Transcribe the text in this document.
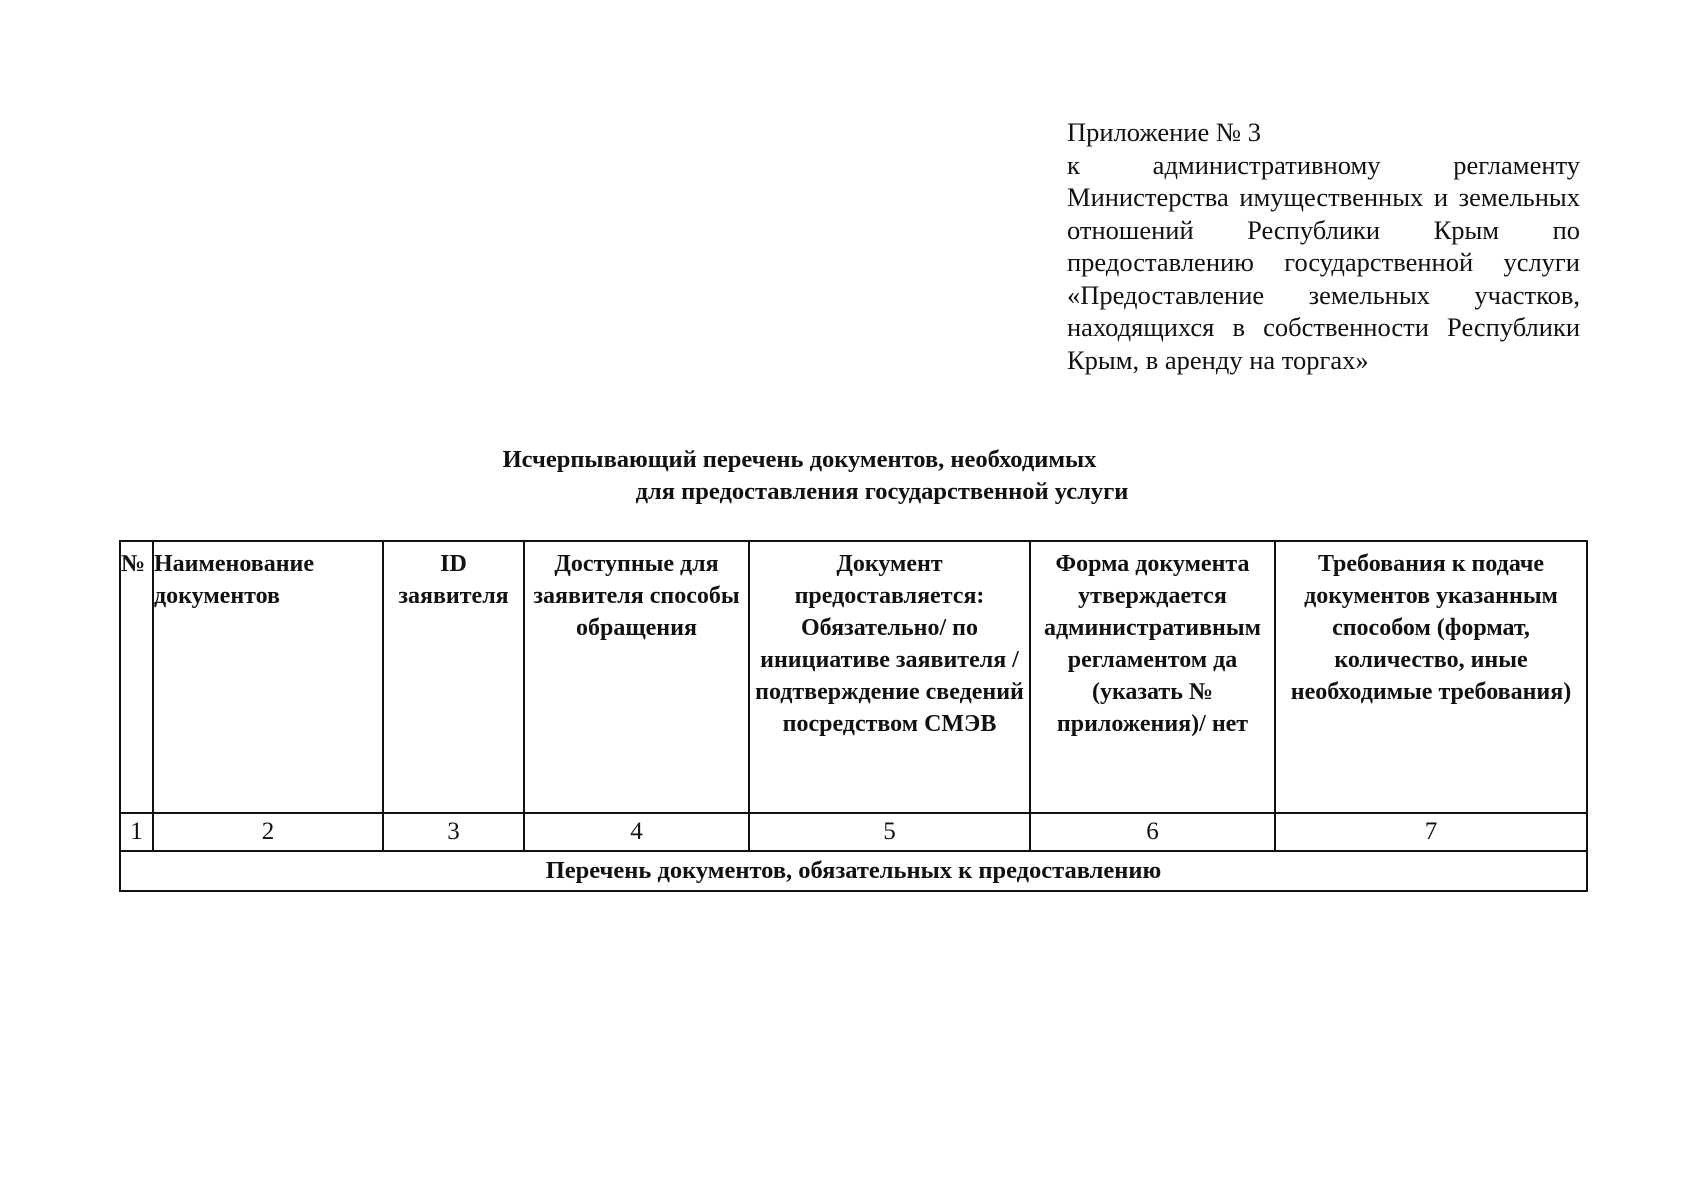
Приложение № 3
к административному регламенту Министерства имущественных и земельных отношений Республики Крым по предоставлению государственной услуги «Предоставление земельных участков, находящихся в собственности Республики Крым, в аренду на торгах»
Исчерпывающий перечень документов, необходимых
для предоставления государственной услуги
№	Наименование документов	ID заявителя	Доступные для заявителя способы обращения	Документ предоставляется: Обязательно/ по инициативе заявителя /подтверждение сведений посредством СМЭВ	Форма документа утверждается административным регламентом да (указать № приложения)/ нет	Требования к подаче документов указанным способом (формат, количество, иные необходимые требования)
1	2	3	4	5	6	7
Перечень документов, обязательных к предоставлению						
